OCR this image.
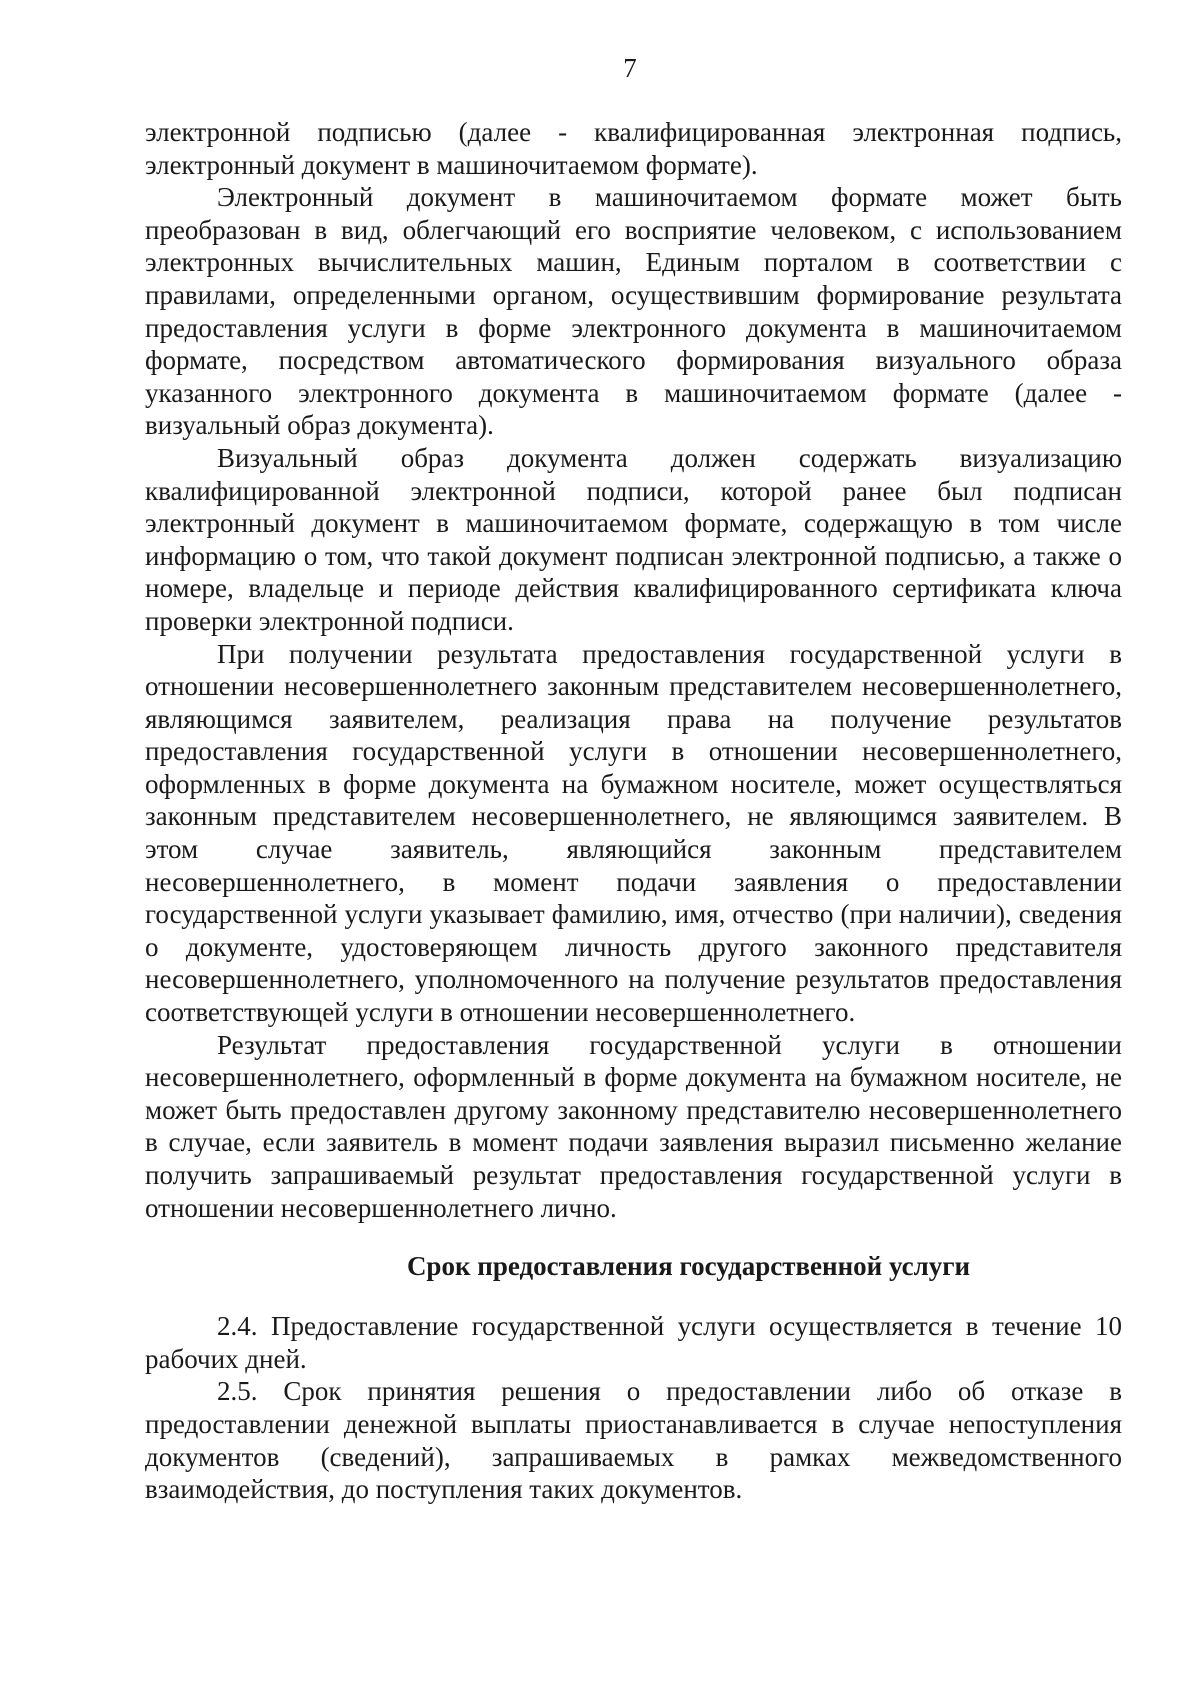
7

электронной подписью (далее - квалифицированная электронная подпись, электронный документ в машиночитаемом формате).

Электронный документ в машиночитаемом формате может быть преобразован в вид, облегчающий его восприятие человеком, с использованием электронных вычислительных машин, Единым порталом в соответствии с правилами, определенными органом, осуществившим формирование результата предоставления услуги в форме электронного документа в машиночитаемом формате, посредством автоматического формирования визуального образа указанного электронного документа в машиночитаемом формате (далее - визуальный образ документа).

Визуальный образ документа должен содержать визуализацию квалифицированной электронной подписи, которой ранее был подписан электронный документ в машиночитаемом формате, содержащую в том числе информацию о том, что такой документ подписан электронной подписью, а также о номере, владельце и периоде действия квалифицированного сертификата ключа проверки электронной подписи.

При получении результата предоставления государственной услуги в отношении несовершеннолетнего законным представителем несовершеннолетнего, являющимся заявителем, реализация права на получение результатов предоставления государственной услуги в отношении несовершеннолетнего, оформленных в форме документа на бумажном носителе, может осуществляться законным представителем несовершеннолетнего, не являющимся заявителем. В этом случае заявитель, являющийся законным представителем несовершеннолетнего, в момент подачи заявления о предоставлении государственной услуги указывает фамилию, имя, отчество (при наличии), сведения о документе, удостоверяющем личность другого законного представителя несовершеннолетнего, уполномоченного на получение результатов предоставления соответствующей услуги в отношении несовершеннолетнего.

Результат предоставления государственной услуги в отношении несовершеннолетнего, оформленный в форме документа на бумажном носителе, не может быть предоставлен другому законному представителю несовершеннолетнего в случае, если заявитель в момент подачи заявления выразил письменно желание получить запрашиваемый результат предоставления государственной услуги в отношении несовершеннолетнего лично.

Срок предоставления государственной услуги

2.4. Предоставление государственной услуги осуществляется в течение 10 рабочих дней.

2.5. Срок принятия решения о предоставлении либо об отказе в предоставлении денежной выплаты приостанавливается в случае непоступления документов (сведений), запрашиваемых в рамках межведомственного взаимодействия, до поступления таких документов.
